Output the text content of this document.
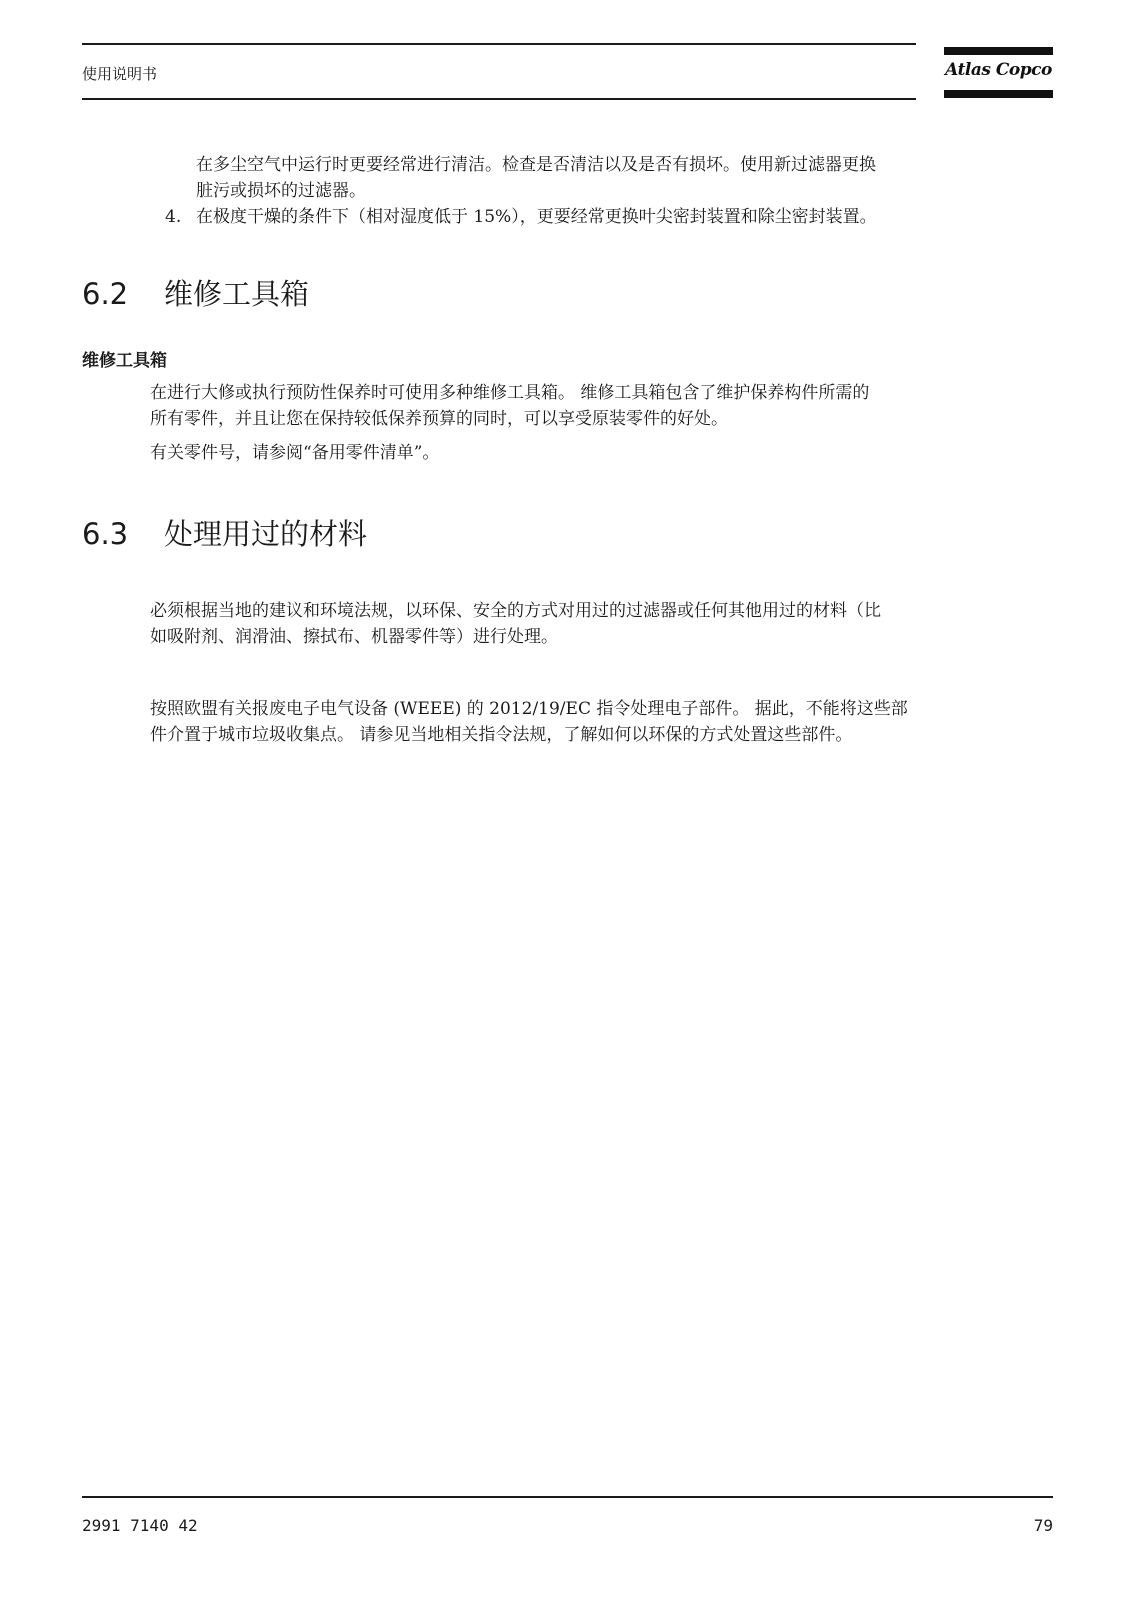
使用说明书	Atlas Copco
在多尘空气中运行时更要经常进行清洁。检查是否清洁以及是否有损坏。使用新过滤器更换
脏污或损坏的过滤器。
4. 在极度干燥的条件下（相对湿度低于 15%），更要经常更换叶尖密封装置和除尘密封装置。
6.2 维修工具箱
维修工具箱
在进行大修或执行预防性保养时可使用多种维修工具箱。 维修工具箱包含了维护保养构件所需的
所有零件，并且让您在保持较低保养预算的同时，可以享受原装零件的好处。
有关零件号，请参阅“备用零件清单”。
6.3 处理用过的材料
必须根据当地的建议和环境法规，以环保、安全的方式对用过的过滤器或任何其他用过的材料（比
如吸附剂、润滑油、擦拭布、机器零件等）进行处理。
按照欧盟有关报废电子电气设备 (WEEE) 的 2012/19/EC 指令处理电子部件。 据此，不能将这些部
件介置于城市垃圾收集点。 请参见当地相关指令法规，了解如何以环保的方式处置这些部件。
2991 7140 42	79
